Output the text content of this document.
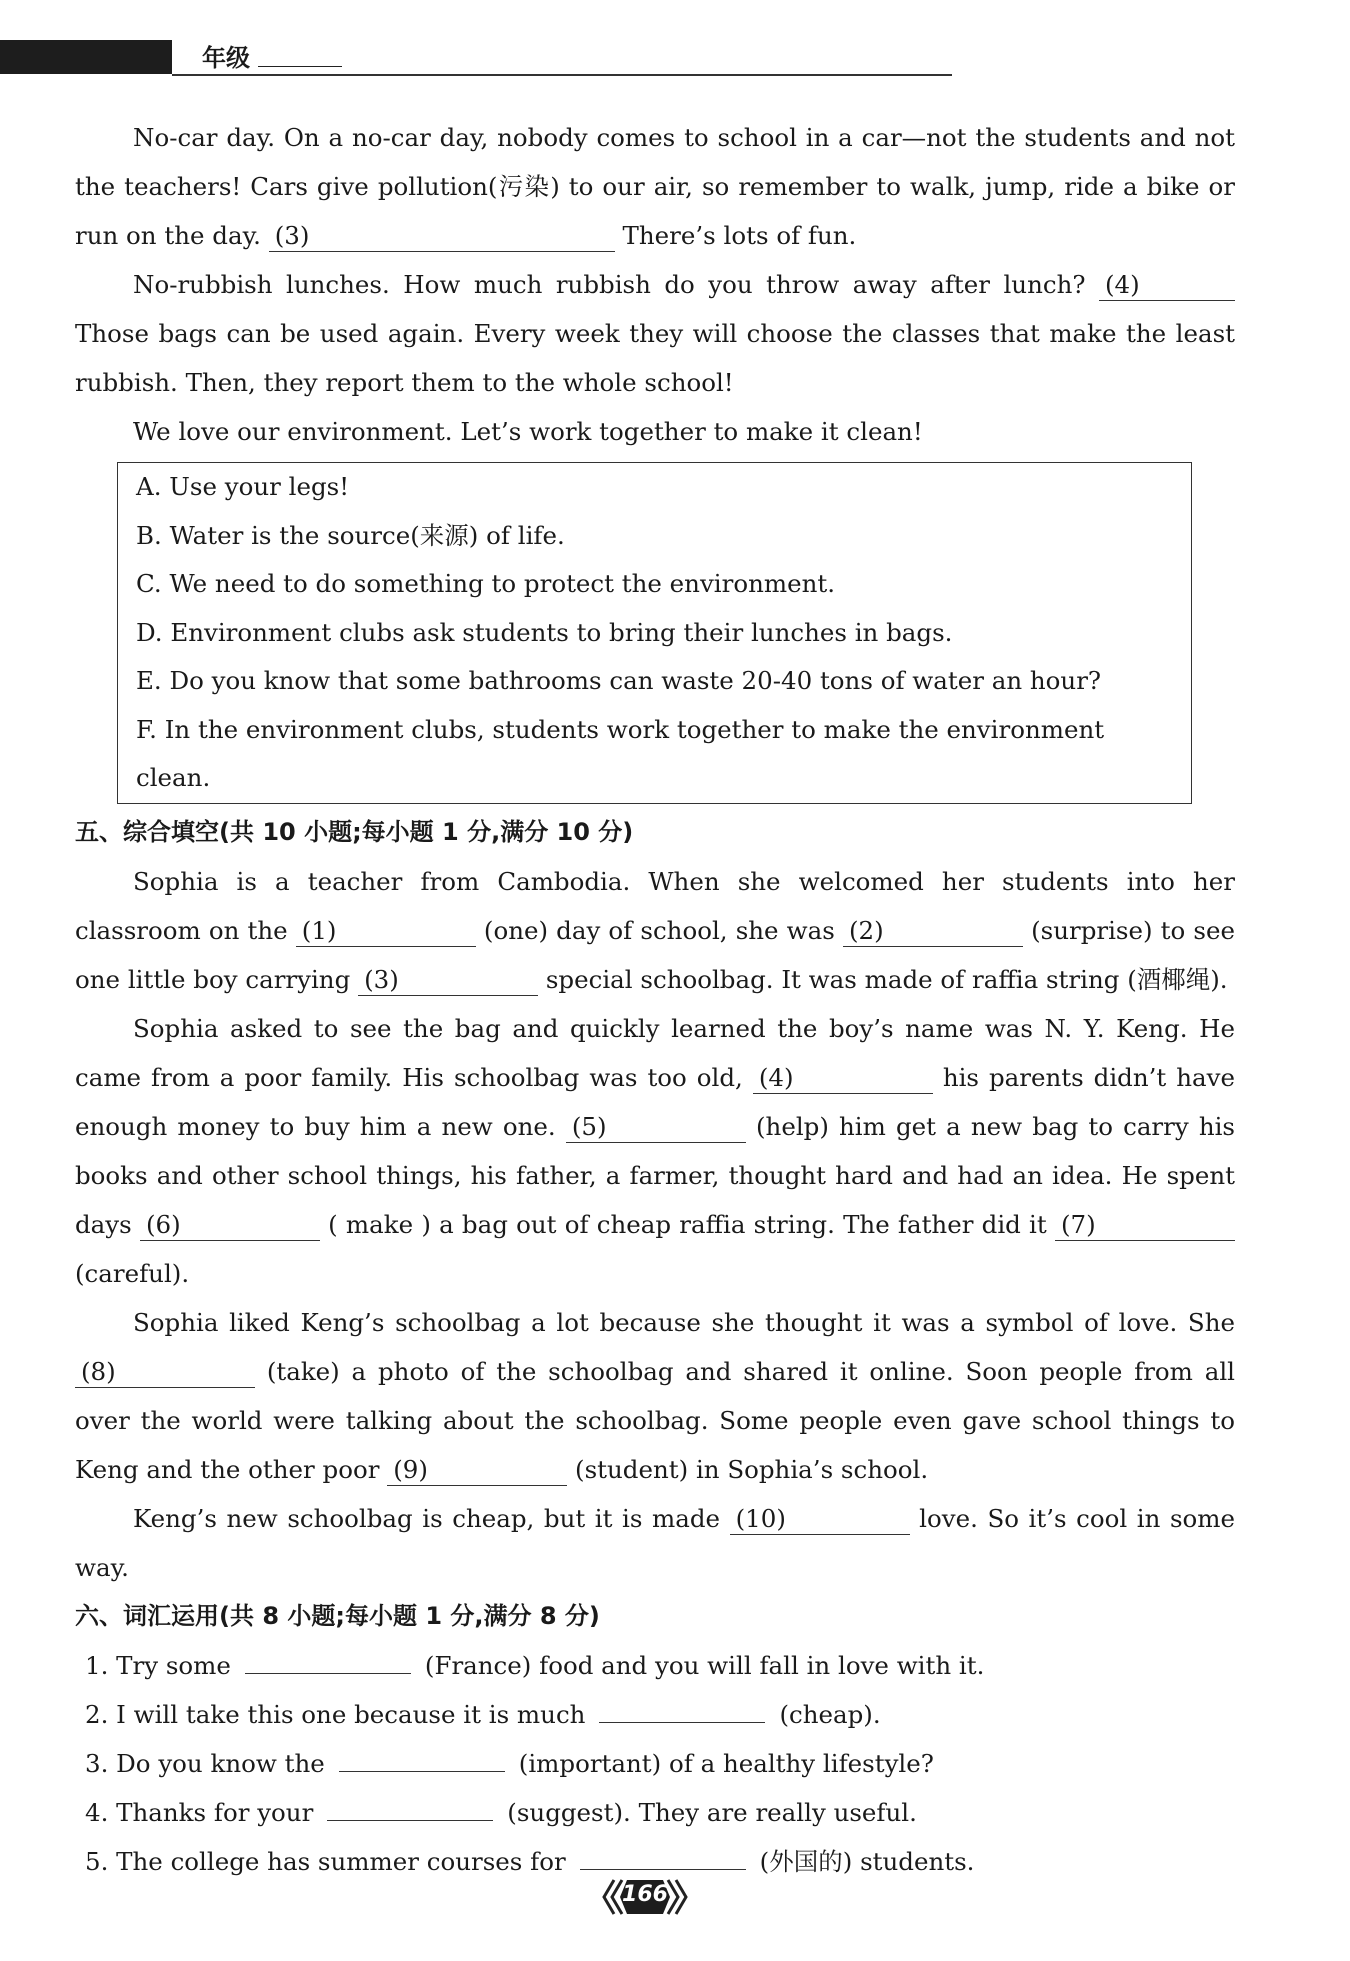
年级

No-car day. On a no-car day, nobody comes to school in a car—not the students and not the teachers! Cars give pollution(污染) to our air, so remember to walk, jump, ride a bike or run on the day. (3)	There’s lots of fun.

No-rubbish lunches. How much rubbish do you throw away after lunch? (4) Those bags can be used again. Every week they will choose the classes that make the least rubbish. Then, they report them to the whole school!

We love our environment. Let’s work together to make it clean!

A. Use your legs!

B. Water is the source(来源) of life.

C. We need to do something to protect the environment.

D. Environment clubs ask students to bring their lunches in bags.

E. Do you know that some bathrooms can waste 20-40 tons of water an hour?

F. In the environment clubs, students work together to make the environment clean.

五、综合填空(共 10 小题;每小题 1 分,满分 10 分)

Sophia is a teacher from Cambodia. When she welcomed her students into her classroom on the (1)	(one) day of school, she was (2)	(surprise) to see one little boy carrying (3)	special schoolbag. It was made of raffia string (酒椰绳).

Sophia asked to see the bag and quickly learned the boy’s name was N. Y. Keng. He came from a poor family. His schoolbag was too old, (4)	his parents didn’t have enough money to buy him a new one. (5)	(help) him get a new bag to carry his books and other school things, his father, a farmer, thought hard and had an idea. He spent days (6)	( make ) a bag out of cheap raffia string. The father did it (7) (careful).

Sophia liked Keng’s schoolbag a lot because she thought it was a symbol of love. She (8)	(take) a photo of the schoolbag and shared it online. Soon people from all over the world were talking about the schoolbag. Some people even gave school things to Keng and the other poor (9)	(student) in Sophia’s school.

Keng’s new schoolbag is cheap, but it is made (10)	love. So it’s cool in some way.

六、词汇运用(共 8 小题;每小题 1 分,满分 8 分)

1. Try some	(France) food and you will fall in love with it.

2. I will take this one because it is much	(cheap).

3. Do you know the	(important) of a healthy lifestyle?

4. Thanks for your	(suggest). They are really useful.

5. The college has summer courses for	(外国的) students.

166
